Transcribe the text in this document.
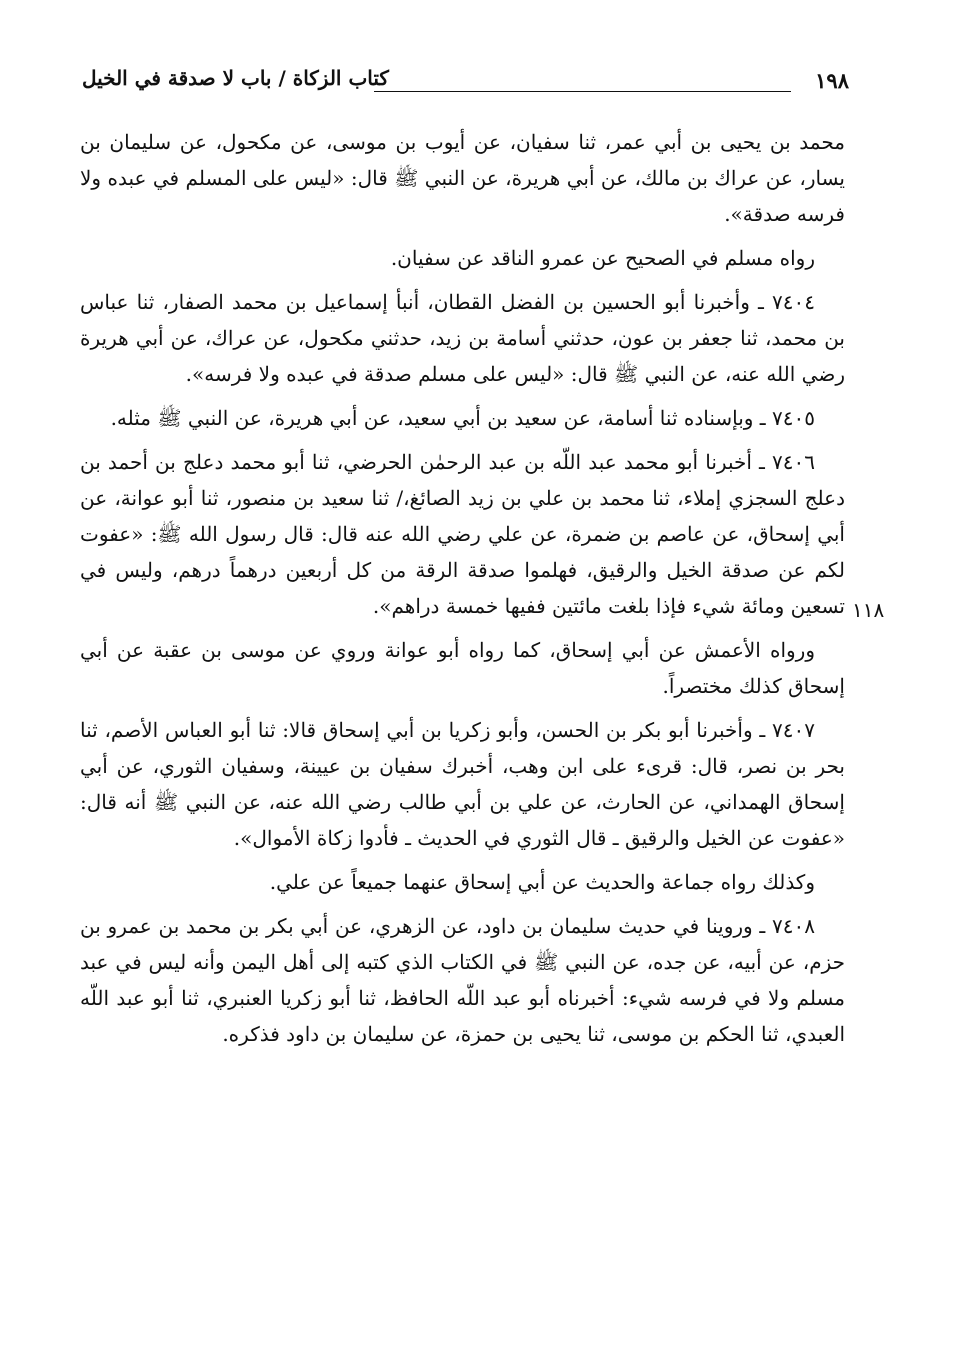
١٩٨
كتاب الزكاة / باب لا صدقة في الخيل
١١٨

محمد بن يحيى بن أبي عمر، ثنا سفيان، عن أيوب بن موسى، عن مكحول، عن سليمان بن يسار، عن عراك بن مالك، عن أبي هريرة، عن النبي ﷺ قال: «ليس على المسلم في عبده ولا فرسه صدقة».

رواه مسلم في الصحيح عن عمرو الناقد عن سفيان.

٧٤٠٤ ـ وأخبرنا أبو الحسين بن الفضل القطان، أنبأ إسماعيل بن محمد الصفار، ثنا عباس بن محمد، ثنا جعفر بن عون، حدثني أسامة بن زيد، حدثني مكحول، عن عراك، عن أبي هريرة رضي الله عنه، عن النبي ﷺ قال: «ليس على مسلم صدقة في عبده ولا فرسه».

٧٤٠٥ ـ وبإسناده ثنا أسامة، عن سعيد بن أبي سعيد، عن أبي هريرة، عن النبي ﷺ مثله.

٧٤٠٦ ـ أخبرنا أبو محمد عبد اللّه بن عبد الرحمٰن الحرضي، ثنا أبو محمد دعلج بن أحمد بن دعلج السجزي إملاء، ثنا محمد بن علي بن زيد الصائغ،/ ثنا سعيد بن منصور، ثنا أبو عوانة، عن أبي إسحاق، عن عاصم بن ضمرة، عن علي رضي الله عنه قال: قال رسول الله ﷺ: «عفوت لكم عن صدقة الخيل والرقيق، فهلموا صدقة الرقة من كل أربعين درهماً درهم، وليس في تسعين ومائة شيء فإذا بلغت مائتين ففيها خمسة دراهم».

ورواه الأعمش عن أبي إسحاق، كما رواه أبو عوانة وروي عن موسى بن عقبة عن أبي إسحاق كذلك مختصراً.

٧٤٠٧ ـ وأخبرنا أبو بكر بن الحسن، وأبو زكريا بن أبي إسحاق قالا: ثنا أبو العباس الأصم، ثنا بحر بن نصر، قال: قرىء على ابن وهب، أخبرك سفيان بن عيينة، وسفيان الثوري، عن أبي إسحاق الهمداني، عن الحارث، عن علي بن أبي طالب رضي الله عنه، عن النبي ﷺ أنه قال: «عفوت عن الخيل والرقيق ـ قال الثوري في الحديث ـ فأدوا زكاة الأموال».

وكذلك رواه جماعة والحديث عن أبي إسحاق عنهما جميعاً عن علي.

٧٤٠٨ ـ وروينا في حديث سليمان بن داود، عن الزهري، عن أبي بكر بن محمد بن عمرو بن حزم، عن أبيه، عن جده، عن النبي ﷺ في الكتاب الذي كتبه إلى أهل اليمن وأنه ليس في عبد مسلم ولا في فرسه شيء: أخبرناه أبو عبد اللّه الحافظ، ثنا أبو زكريا العنبري، ثنا أبو عبد اللّه العبدي، ثنا الحكم بن موسى، ثنا يحيى بن حمزة، عن سليمان بن داود فذكره.
